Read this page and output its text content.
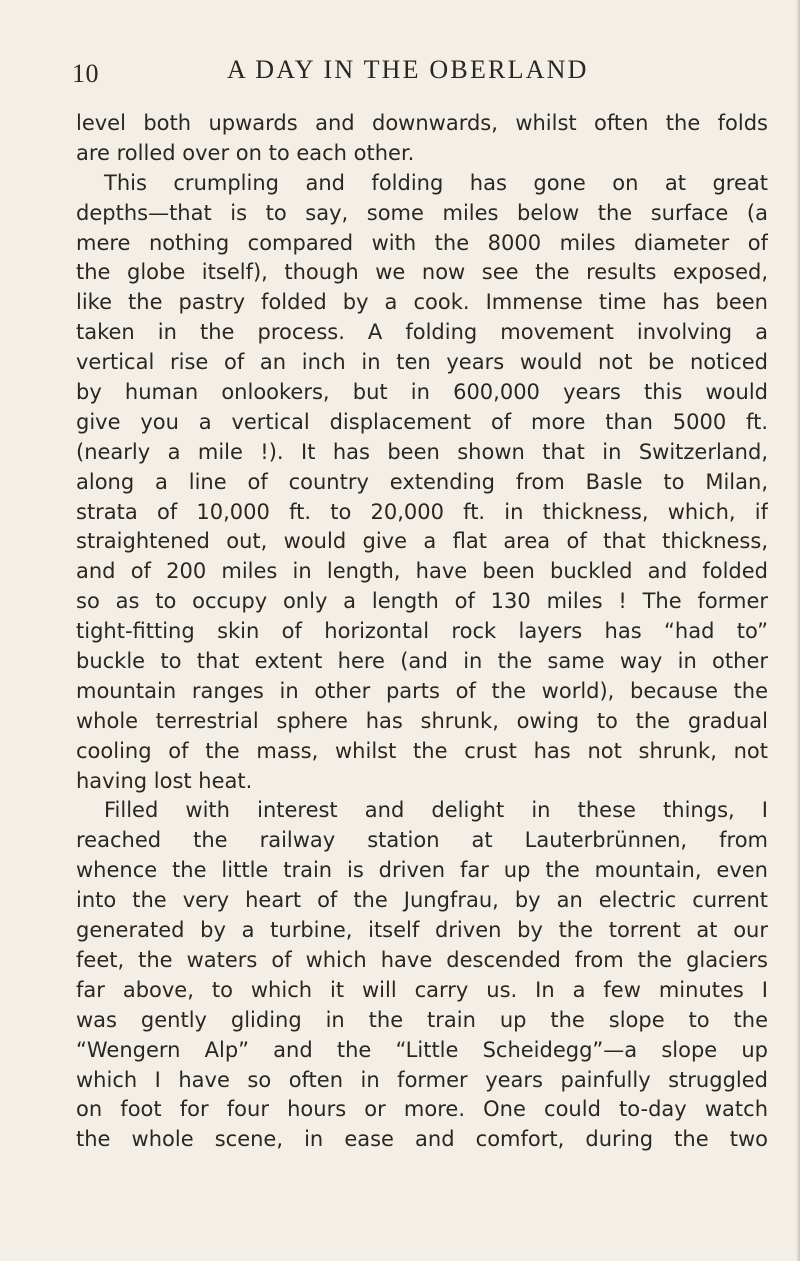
10	A DAY IN THE OBERLAND
level both upwards and downwards, whilst often the folds
are rolled over on to each other.
This crumpling and folding has gone on at great
depths—that is to say, some miles below the surface (a
mere nothing compared with the 8000 miles diameter of
the globe itself), though we now see the results exposed,
like the pastry folded by a cook. Immense time has been
taken in the process. A folding movement involving a
vertical rise of an inch in ten years would not be noticed
by human onlookers, but in 600,000 years this would
give you a vertical displacement of more than 5000 ft.
(nearly a mile !). It has been shown that in Switzerland,
along a line of country extending from Basle to Milan,
strata of 10,000 ft. to 20,000 ft. in thickness, which, if
straightened out, would give a flat area of that thickness,
and of 200 miles in length, have been buckled and folded
so as to occupy only a length of 130 miles ! The former
tight-fitting skin of horizontal rock layers has “had to”
buckle to that extent here (and in the same way in other
mountain ranges in other parts of the world), because the
whole terrestrial sphere has shrunk, owing to the gradual
cooling of the mass, whilst the crust has not shrunk, not
having lost heat.
Filled with interest and delight in these things, I
reached the railway station at Lauterbrünnen, from
whence the little train is driven far up the mountain, even
into the very heart of the Jungfrau, by an electric current
generated by a turbine, itself driven by the torrent at our
feet, the waters of which have descended from the glaciers
far above, to which it will carry us. In a few minutes I
was gently gliding in the train up the slope to the
“Wengern Alp” and the “Little Scheidegg”—a slope up
which I have so often in former years painfully struggled
on foot for four hours or more. One could to-day watch
the whole scene, in ease and comfort, during the two
